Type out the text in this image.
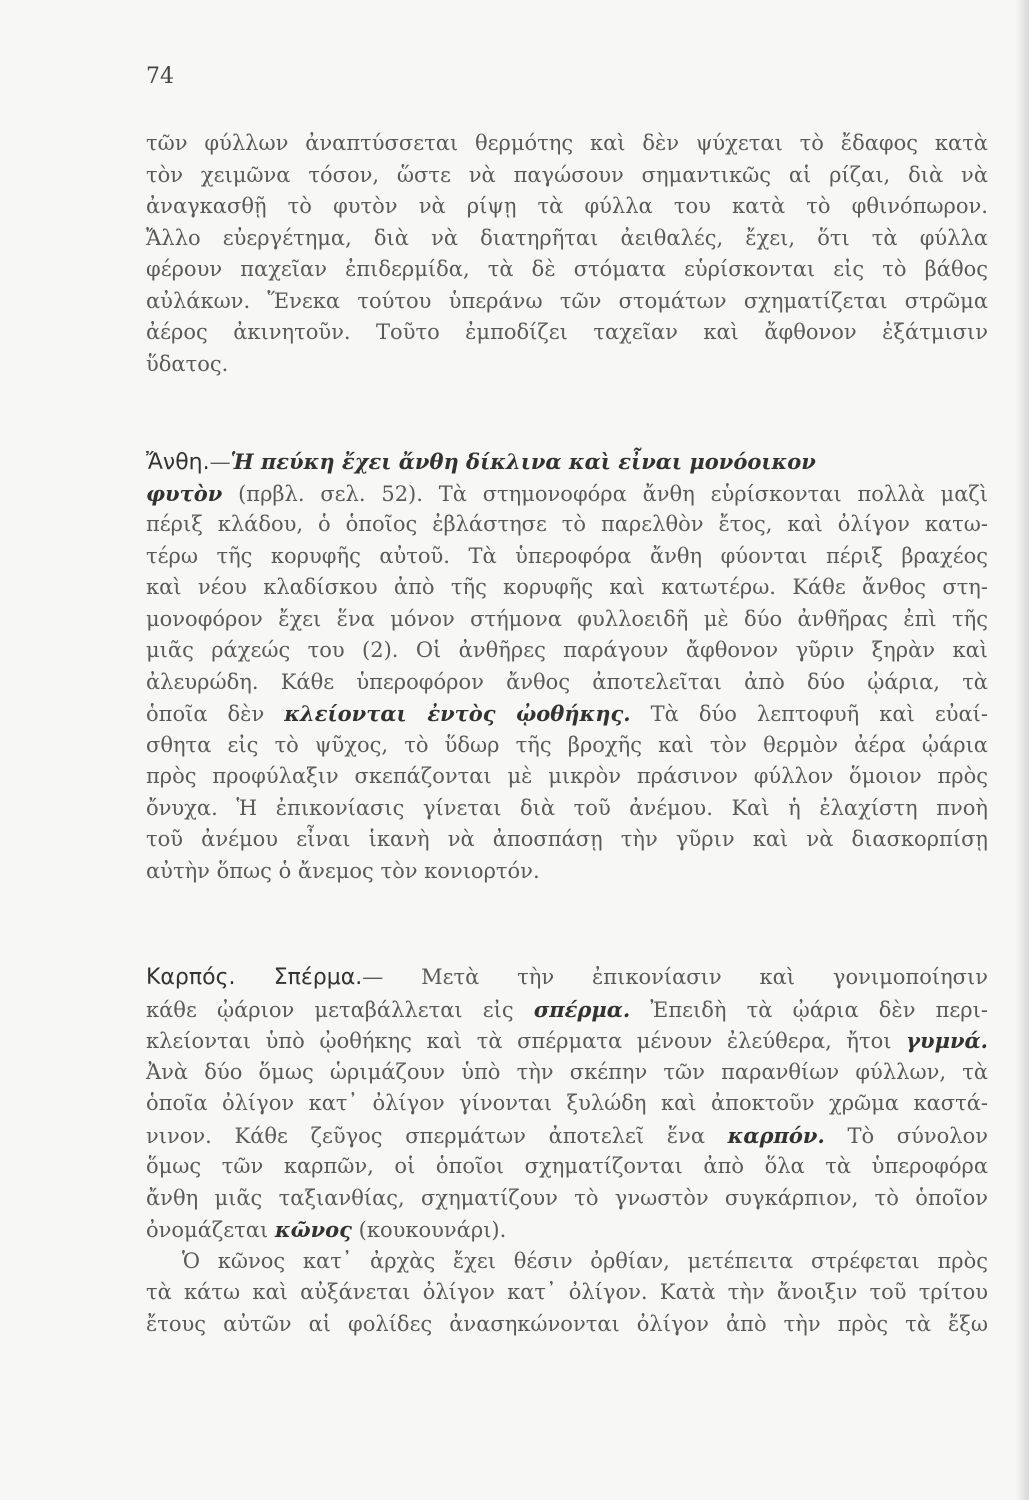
74
τῶν φύλλων ἀναπτύσσεται θερμότης καὶ δὲν ψύχεται τὸ ἔδαφος κατὰ
τὸν χειμῶνα τόσον, ὥστε νὰ παγώσουν σημαντικῶς αἱ ρίζαι, διὰ νὰ
ἀναγκασθῇ τὸ φυτὸν νὰ ρίψῃ τὰ φύλλα του κατὰ τὸ φθινόπωρον.
Ἄλλο εὐεργέτημα, διὰ νὰ διατηρῆται ἀειθαλές, ἔχει, ὅτι τὰ φύλλα
φέρουν παχεῖαν ἐπιδερμίδα, τὰ δὲ στόματα εὑρίσκονται εἰς τὸ βάθος
αὐλάκων. Ἕνεκα τούτου ὑπεράνω τῶν στομάτων σχηματίζεται στρῶμα
ἀέρος ἀκινητοῦν. Τοῦτο ἐμποδίζει ταχεῖαν καὶ ἄφθονον ἐξάτμισιν
ὕδατος.
Ἄνθη.—Ἡ πεύκη ἔχει ἄνθη δίκλινα καὶ εἶναι μονόοικον
φυτὸν (πρβλ. σελ. 52). Τὰ στημονοφόρα ἄνθη εὑρίσκονται πολλὰ μαζὶ
πέριξ κλάδου, ὁ ὁποῖος ἐβλάστησε τὸ παρελθὸν ἔτος, καὶ ὀλίγον κατω-
τέρω τῆς κορυφῆς αὐτοῦ. Τὰ ὑπεροφόρα ἄνθη φύονται πέριξ βραχέος
καὶ νέου κλαδίσκου ἀπὸ τῆς κορυφῆς καὶ κατωτέρω. Κάθε ἄνθος στη-
μονοφόρον ἔχει ἕνα μόνον στήμονα φυλλοειδῆ μὲ δύο ἀνθῆρας ἐπὶ τῆς
μιᾶς ράχεώς του (2). Οἱ ἀνθῆρες παράγουν ἄφθονον γῦριν ξηρὰν καὶ
ἀλευρώδη. Κάθε ὑπεροφόρον ἄνθος ἀποτελεῖται ἀπὸ δύο ᾠάρια, τὰ
ὁποῖα δὲν κλείονται ἐντὸς ᾠοθήκης. Τὰ δύο λεπτοφυῆ καὶ εὐαί-
σθητα εἰς τὸ ψῦχος, τὸ ὕδωρ τῆς βροχῆς καὶ τὸν θερμὸν ἀέρα ᾠάρια
πρὸς προφύλαξιν σκεπάζονται μὲ μικρὸν πράσινον φύλλον ὅμοιον πρὸς
ὄνυχα. Ἡ ἐπικονίασις γίνεται διὰ τοῦ ἀνέμου. Καὶ ἡ ἐλαχίστη πνοὴ
τοῦ ἀνέμου εἶναι ἱκανὴ νὰ ἀποσπάσῃ τὴν γῦριν καὶ νὰ διασκορπίσῃ
αὐτὴν ὅπως ὁ ἄνεμος τὸν κονιορτόν.
Καρπός. Σπέρμα.— Μετὰ τὴν ἐπικονίασιν καὶ γονιμοποίησιν
κάθε ᾠάριον μεταβάλλεται εἰς σπέρμα. Ἐπειδὴ τὰ ᾠάρια δὲν περι-
κλείονται ὑπὸ ᾠοθήκης καὶ τὰ σπέρματα μένουν ἐλεύθερα, ἤτοι γυμνά.
Ἀνὰ δύο ὅμως ὡριμάζουν ὑπὸ τὴν σκέπην τῶν παρανθίων φύλλων, τὰ
ὁποῖα ὀλίγον κατ᾿ ὀλίγον γίνονται ξυλώδη καὶ ἀποκτοῦν χρῶμα καστά-
νινον. Κάθε ζεῦγος σπερμάτων ἀποτελεῖ ἕνα καρπόν. Τὸ σύνολον
ὅμως τῶν καρπῶν, οἱ ὁποῖοι σχηματίζονται ἀπὸ ὅλα τὰ ὑπεροφόρα
ἄνθη μιᾶς ταξιανθίας, σχηματίζουν τὸ γνωστὸν συγκάρπιον, τὸ ὁποῖον
ὀνομάζεται κῶνος (κουκουνάρι).
Ὁ κῶνος κατ᾿ ἀρχὰς ἔχει θέσιν ὀρθίαν, μετέπειτα στρέφεται πρὸς
τὰ κάτω καὶ αὐξάνεται ὀλίγον κατ᾿ ὀλίγον. Κατὰ τὴν ἄνοιξιν τοῦ τρίτου
ἔτους αὐτῶν αἱ φολίδες ἀνασηκώνονται ὀλίγον ἀπὸ τὴν πρὸς τὰ ἔξω
